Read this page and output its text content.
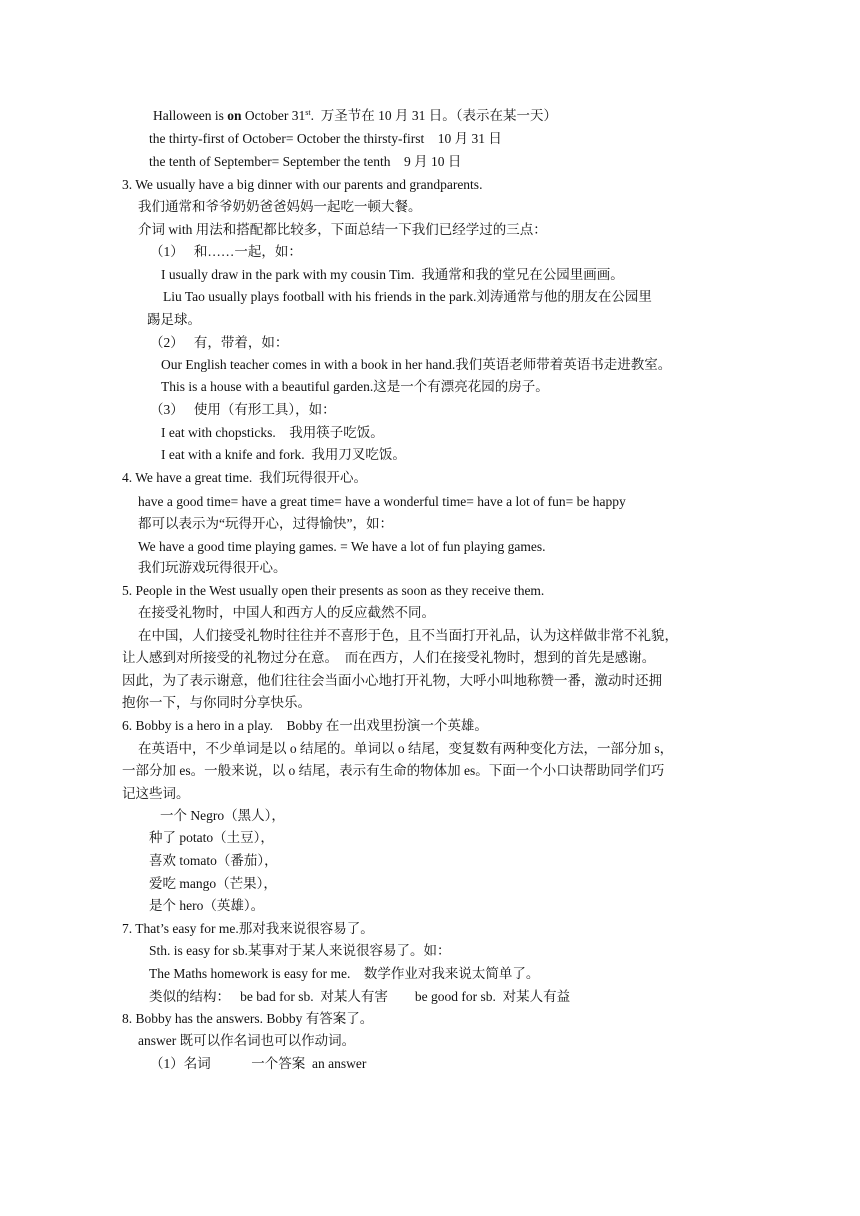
Halloween is on October 31st.  万圣节在 10 月 31 日。（表示在某一天）
the thirty-first of October= October the thirsty-first    10 月 31 日
the tenth of September= September the tenth    9 月 10 日
3. We usually have a big dinner with our parents and grandparents.
我们通常和爷爷奶奶爸爸妈妈一起吃一顿大餐。
介词 with 用法和搭配都比较多，下面总结一下我们已经学过的三点：
（1）   和……一起，如：
I usually draw in the park with my cousin Tim.  我通常和我的堂兄在公园里画画。
Liu Tao usually plays football with his friends in the park.刘涛通常与他的朋友在公园里
踢足球。
（2）   有，带着，如：
Our English teacher comes in with a book in her hand.我们英语老师带着英语书走进教室。
This is a house with a beautiful garden.这是一个有漂亮花园的房子。
（3）   使用（有形工具），如：
I eat with chopsticks.    我用筷子吃饭。
I eat with a knife and fork.  我用刀叉吃饭。
4. We have a great time.  我们玩得很开心。
have a good time= have a great time= have a wonderful time= have a lot of fun= be happy
都可以表示为“玩得开心，过得愉快”，如：
We have a good time playing games. = We have a lot of fun playing games.
我们玩游戏玩得很开心。
5. People in the West usually open their presents as soon as they receive them.
在接受礼物时，中国人和西方人的反应截然不同。
在中国，人们接受礼物时往往并不喜形于色，且不当面打开礼品，认为这样做非常不礼貌，
让人感到对所接受的礼物过分在意。  而在西方，人们在接受礼物时，想到的首先是感谢。
因此，为了表示谢意，他们往往会当面小心地打开礼物，大呼小叫地称赞一番，激动时还拥
抱你一下，与你同时分享快乐。
6. Bobby is a hero in a play.    Bobby 在一出戏里扮演一个英雄。
在英语中，不少单词是以 o 结尾的。单词以 o 结尾，变复数有两种变化方法，一部分加 s，
一部分加 es。一般来说，以 o 结尾，表示有生命的物体加 es。下面一个小口诀帮助同学们巧
记这些词。
一个 Negro（黑人），
种了 potato（土豆），
喜欢 tomato（番茄），
爱吃 mango（芒果），
是个 hero（英雄）。
7. That’s easy for me.那对我来说很容易了。
Sth. is easy for sb.某事对于某人来说很容易了。如：
The Maths homework is easy for me.    数学作业对我来说太简单了。
类似的结构：   be bad for sb.  对某人有害        be good for sb.  对某人有益
8. Bobby has the answers. Bobby 有答案了。
answer 既可以作名词也可以作动词。
（1）名词            一个答案  an answer
